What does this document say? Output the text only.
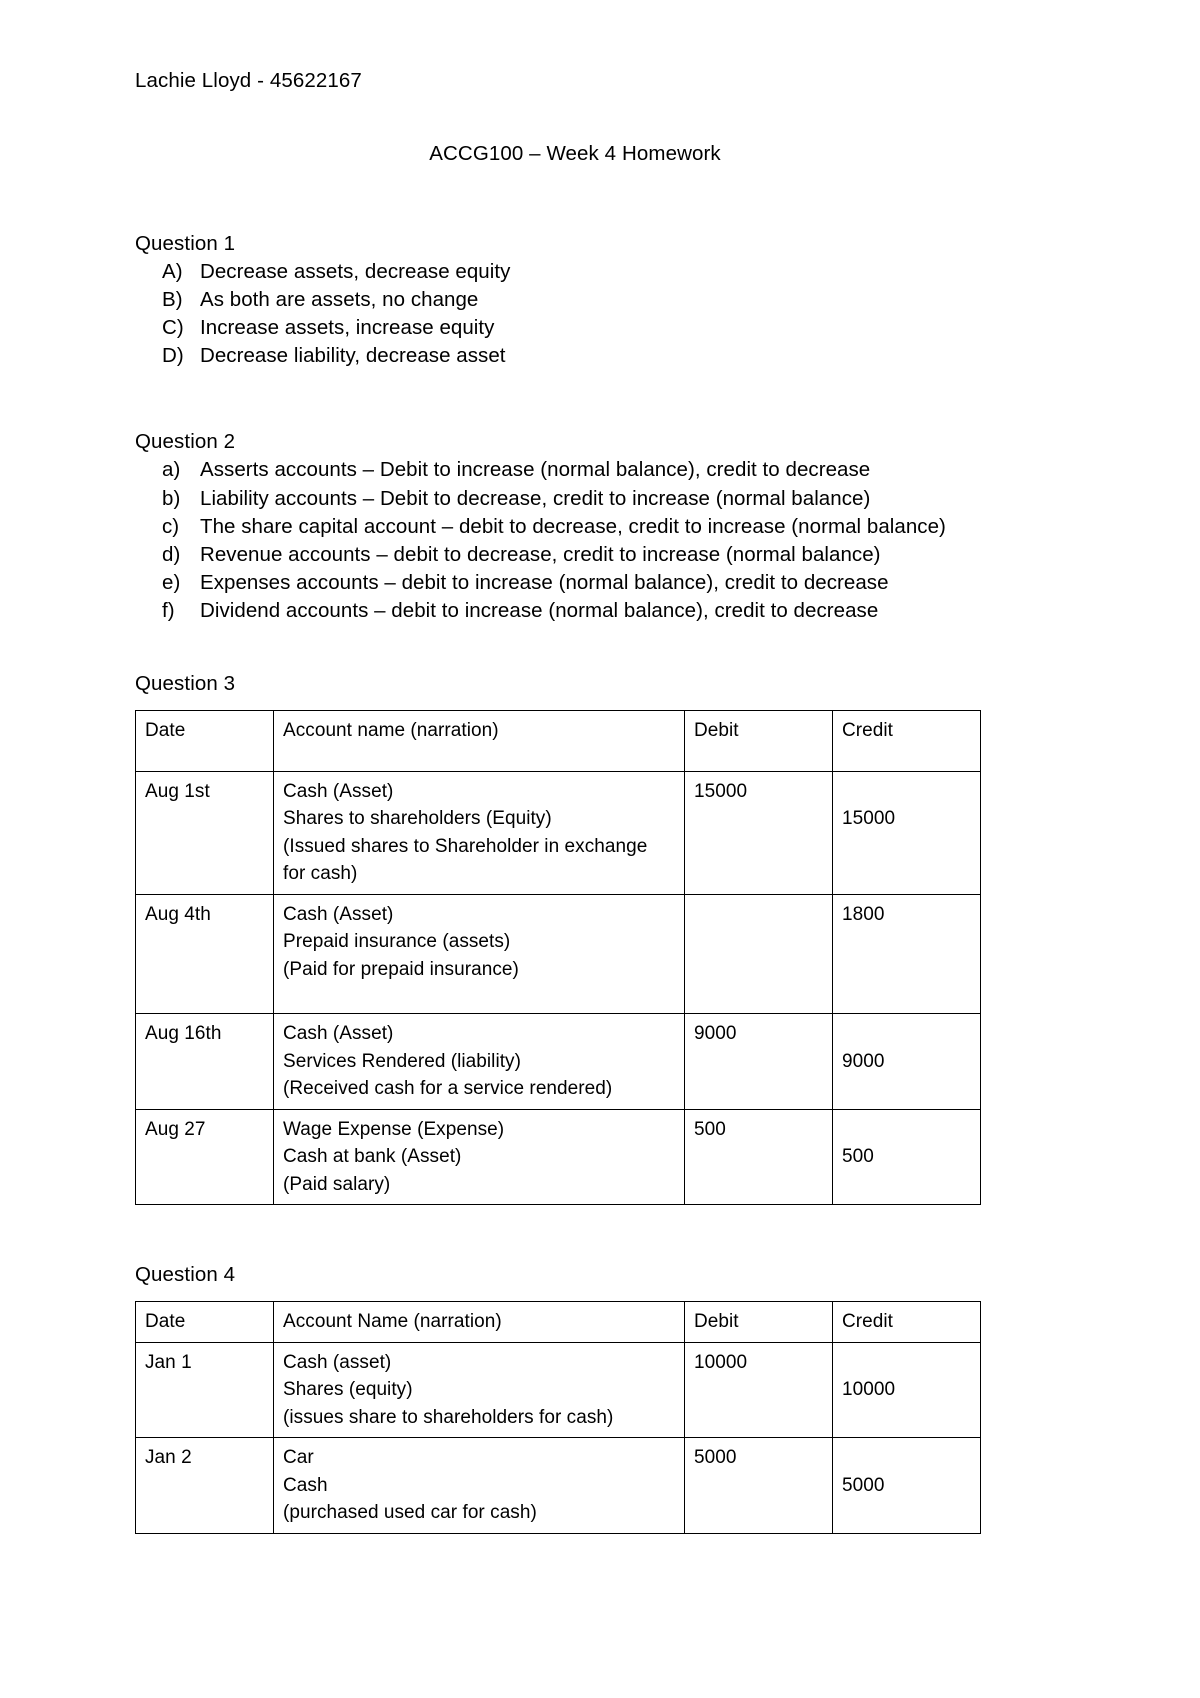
Lachie Lloyd - 45622167
ACCG100 – Week 4 Homework
Question 1
A) Decrease assets, decrease equity
B) As both are assets, no change
C) Increase assets, increase equity
D) Decrease liability, decrease asset
Question 2
a) Asserts accounts – Debit to increase (normal balance), credit to decrease
b) Liability accounts – Debit to decrease, credit to increase (normal balance)
c)	The share capital account – debit to decrease, credit to increase (normal balance)
d) Revenue accounts – debit to decrease, credit to increase (normal balance)
e) Expenses accounts – debit to increase (normal balance), credit to decrease
f)	Dividend accounts – debit to increase (normal balance), credit to decrease
Question 3
Date	Account name (narration)	Debit	Credit
Aug 1st	Cash (Asset)
Shares to shareholders (Equity)
(Issued shares to Shareholder in exchange
for cash)	15000	15000

Aug 4th	Cash (Asset)
Prepaid insurance (assets)
(Paid for prepaid insurance)		1800

Aug 16th	Cash (Asset)
Services Rendered (liability)
(Received cash for a service rendered)	9000	9000

Aug 27	Wage Expense (Expense)
Cash at bank (Asset)
(Paid salary)	500	500
Question 4
Date	Account Name (narration)	Debit	Credit
Jan 1	Cash (asset)
Shares (equity)
(issues share to shareholders for cash)	10000	10000

Jan 2	Car
Cash
(purchased used car for cash)	5000	5000
